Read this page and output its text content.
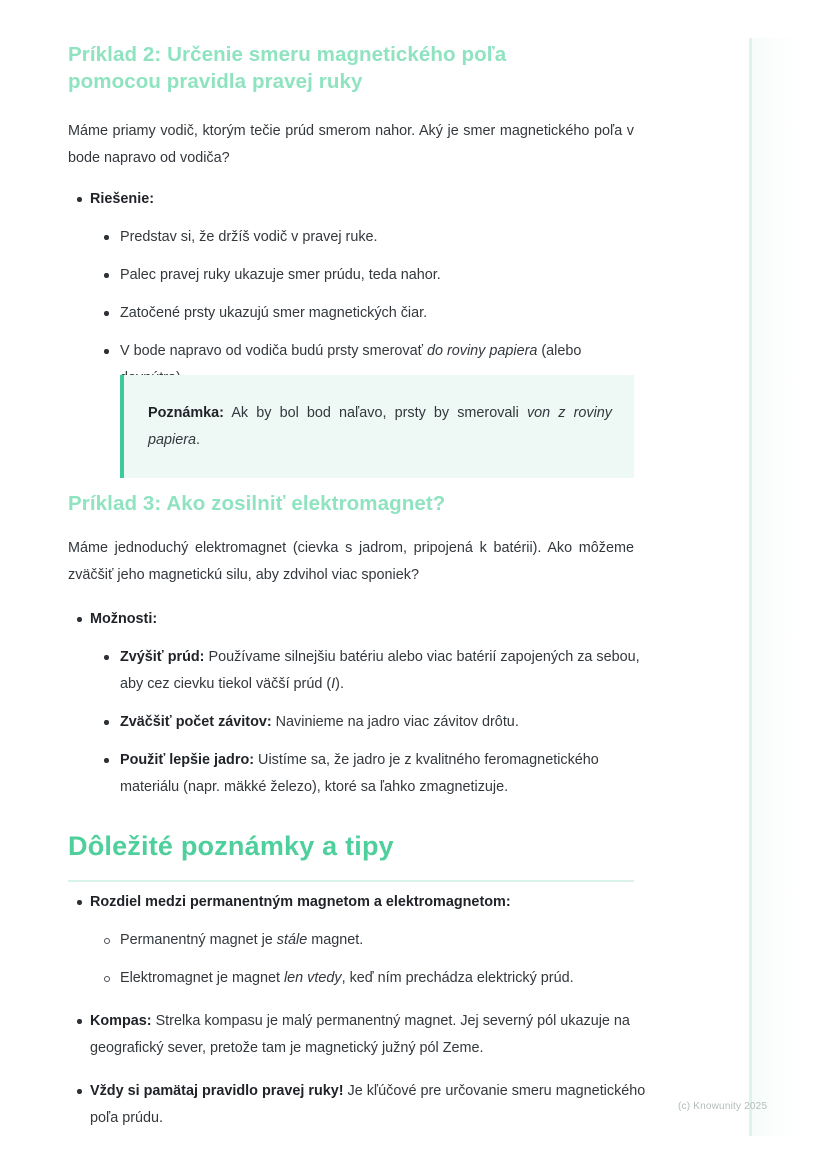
Príklad 2: Určenie smeru magnetického poľa pomocou pravidla pravej ruky

Máme priamy vodič, ktorým tečie prúd smerom nahor. Aký je smer magnetického poľa v bode napravo od vodiča?

Riešenie:
Predstav si, že držíš vodič v pravej ruke.
Palec pravej ruky ukazuje smer prúdu, teda nahor.
Zatočené prsty ukazujú smer magnetických čiar.
V bode napravo od vodiča budú prsty smerovať do roviny papiera (alebo
Poznámka: Ak by bol bod naľavo, prsty by smerovali von z roviny papiera.
Príklad 3: Ako zosilniť elektromagnet?

Máme jednoduchý elektromagnet (cievka s jadrom, pripojená k batérii). Ako môžeme zväčšiť jeho magnetickú silu, aby zdvihol viac sponiek?

Možnosti:
Zvýšiť prúd: Používame silnejšiu batériu alebo viac batérií zapojených za sebou, aby cez cievku tiekol väčší prúd (I).
Zväčšiť počet závitov: Navinieme na jadro viac závitov drôtu.
Použiť lepšie jadro: Uistíme sa, že jadro je z kvalitného feromagnetického materiálu (napr. mäkké železo), ktoré sa ľahko zmagnetizuje.
Dôležité poznámky a tipy
Rozdiel medzi permanentným magnetom a elektromagnetom:
Permanentný magnet je stále magnet.
Elektromagnet je magnet len vtedy, keď ním prechádza elektrický prúd.
Kompas: Strelka kompasu je malý permanentný magnet. Jej severný pól ukazuje na geografický sever, pretože tam je magnetický južný pól Zeme.
Vždy si pamätaj pravidlo pravej ruky! Je kľúčové pre určovanie smeru magnetického poľa prúdu.
(c) Knowunity 2025
